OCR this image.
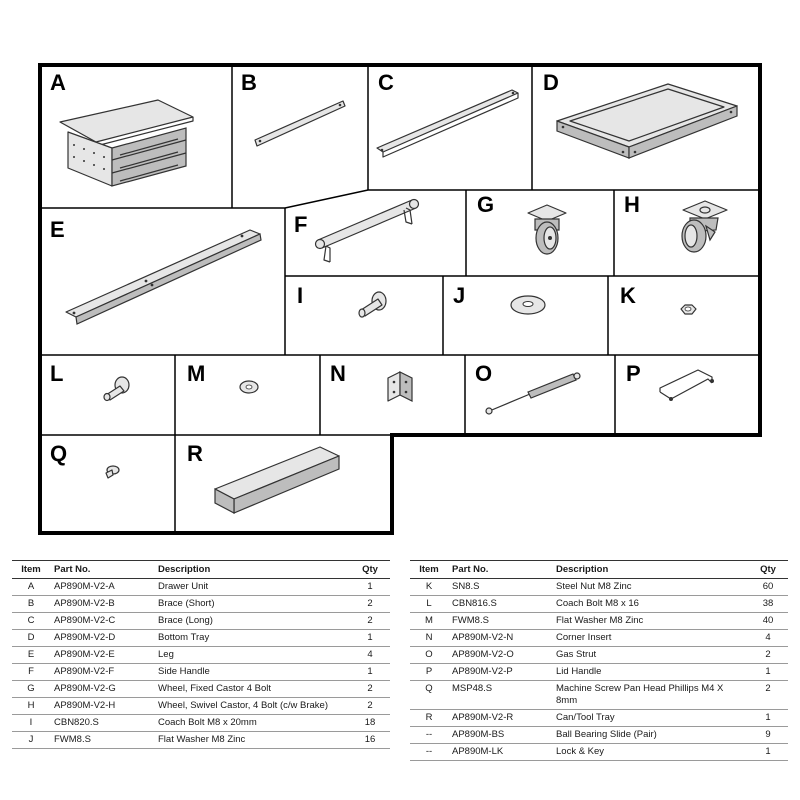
A	B	C	D
E	F
G	H
I	J	K
L	M	N	O	P
Q	R
Item	Part No.	Description	Qty
A	AP890M-V2-A	Drawer Unit	1
B	AP890M-V2-B	Brace (Short)	2
C	AP890M-V2-C	Brace (Long)	2
D	AP890M-V2-D	Bottom Tray	1
E	AP890M-V2-E	Leg	4
F	AP890M-V2-F	Side Handle	1
G	AP890M-V2-G	Wheel, Fixed Castor 4 Bolt	2
H	AP890M-V2-H	Wheel, Swivel Castor, 4 Bolt (c/w Brake)	2
I	CBN820.S	Coach Bolt M8 x 20mm	18
J	FWM8.S	Flat Washer M8 Zinc	16
Item	Part No.	Description	Qty
K	SN8.S	Steel Nut M8 Zinc	60
L	CBN816.S	Coach Bolt M8 x 16	38
M	FWM8.S	Flat Washer M8 Zinc	40
N	AP890M-V2-N	Corner Insert	4
O	AP890M-V2-O	Gas Strut	2
P	AP890M-V2-P	Lid Handle	1
Q	MSP48.S	Machine Screw Pan Head Phillips M4 X 8mm	2
R	AP890M-V2-R	Can/Tool Tray	1
--	AP890M-BS	Ball Bearing Slide (Pair)	9
--	AP890M-LK	Lock & Key	1
